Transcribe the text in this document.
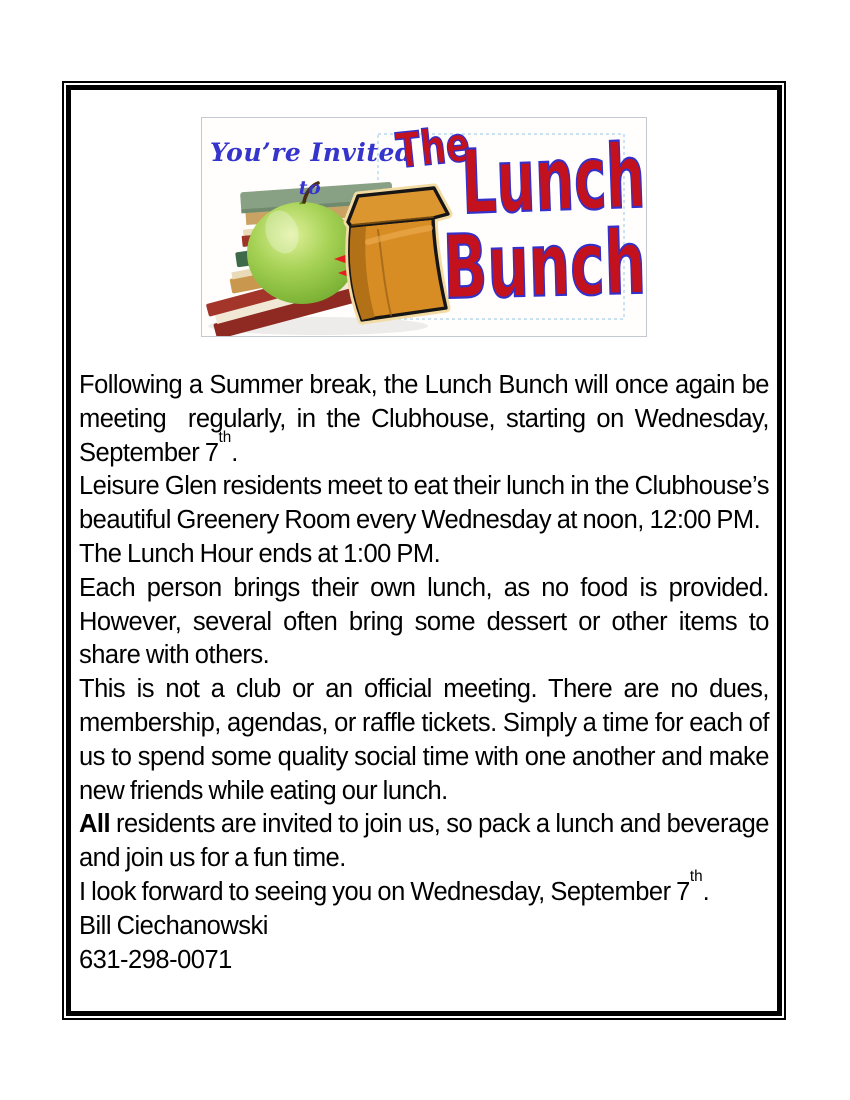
You’re Invited
to
The
Lunch
Bunch

Following a Summer break, the Lunch Bunch will once again be meeting  regularly, in the Clubhouse, starting on Wednesday, September 7th.

Leisure Glen residents meet to eat their lunch in the Clubhouse’s beautiful Greenery Room every Wednesday at noon, 12:00 PM.

The Lunch Hour ends at 1:00 PM.

Each person brings their own lunch, as no food is provided. However, several often bring some dessert or other items to share with others.

This is not a club or an official meeting. There are no dues, membership, agendas, or raffle tickets. Simply a time for each of us to spend some quality social time with one another and make new friends while eating our lunch.

All residents are invited to join us, so pack a lunch and beverage and join us for a fun time.

I look forward to seeing you on Wednesday, September 7th.

Bill Ciechanowski

631-298-0071
